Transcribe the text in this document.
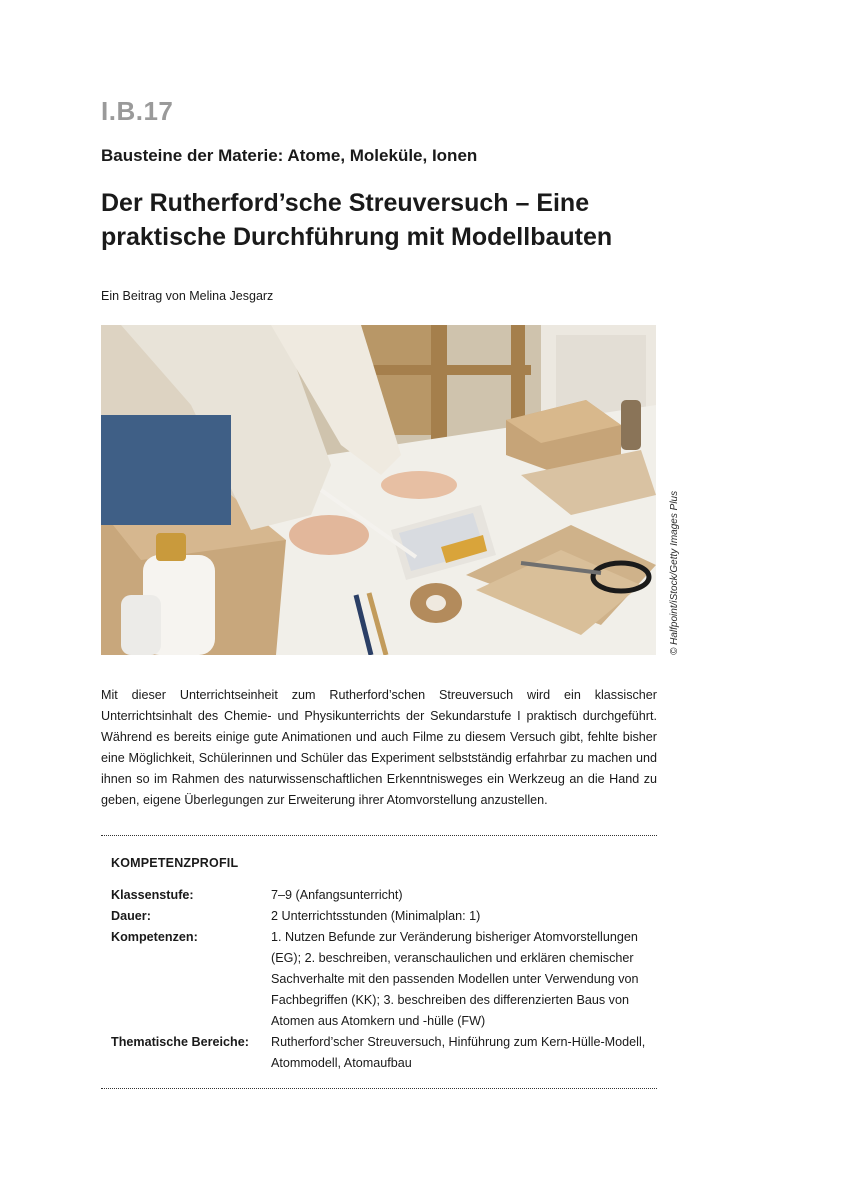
I.B.17
Bausteine der Materie: Atome, Moleküle, Ionen
Der Rutherford’sche Streuversuch – Eine praktische Durchführung mit Modellbauten
Ein Beitrag von Melina Jesgarz
© Halfpoint/iStock/Getty Images Plus

Mit dieser Unterrichtseinheit zum Rutherford’schen Streuversuch wird ein klassischer Unterrichtsinhalt des Chemie- und Physikunterrichts der Sekundarstufe I praktisch durchgeführt. Während es bereits einige gute Animationen und auch Filme zu diesem Versuch gibt, fehlte bisher eine Möglichkeit, Schülerinnen und Schüler das Experiment selbstständig erfahrbar zu machen und ihnen so im Rahmen des naturwissenschaftlichen Erkenntnisweges ein Werkzeug an die Hand zu geben, eigene Überlegungen zur Erweiterung ihrer Atomvorstellung anzustellen.

KOMPETENZPROFIL
Klassenstufe:	7–9 (Anfangsunterricht)
Dauer:	2 Unterrichtsstunden (Minimalplan: 1)
Kompetenzen:	1. Nutzen Befunde zur Veränderung bisheriger Atomvorstellungen (EG); 2. beschreiben, veranschaulichen und erklären chemischer Sachverhalte mit den passenden Modellen unter Verwendung von Fachbegriffen (KK); 3. beschreiben des differenzierten Baus von Atomen aus Atomkern und -hülle (FW)
Thematische Bereiche:	Rutherford’scher Streuversuch, Hinführung zum Kern-Hülle-Modell, Atommodell, Atomaufbau
